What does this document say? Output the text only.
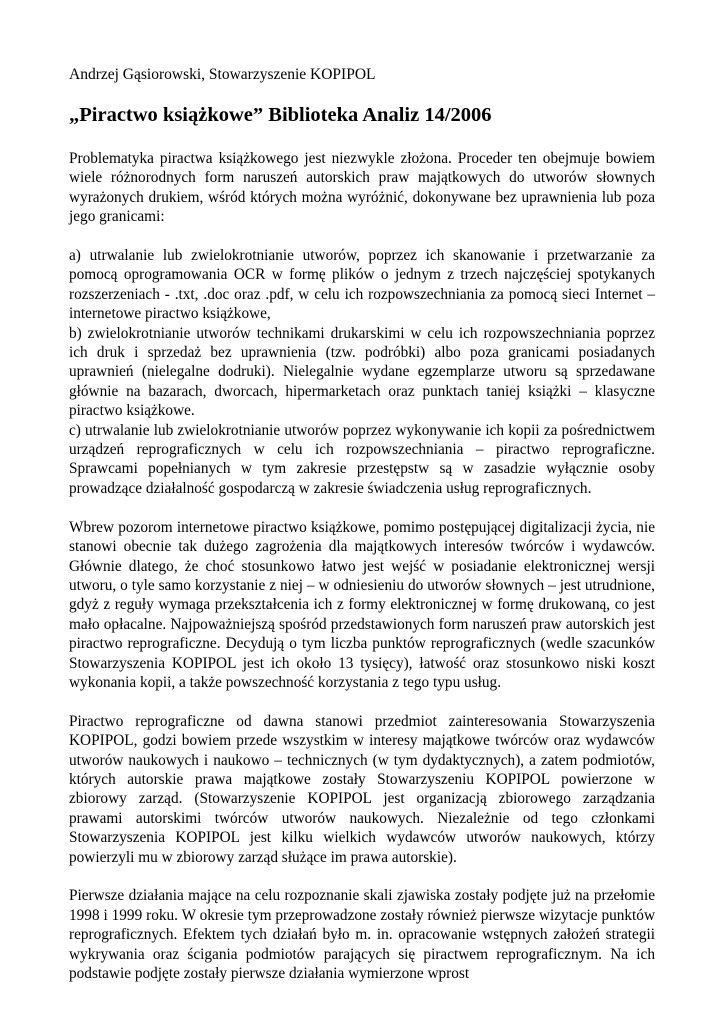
Andrzej Gąsiorowski, Stowarzyszenie KOPIPOL

„Piractwo książkowe” Biblioteka Analiz 14/2006

Problematyka piractwa książkowego jest niezwykle złożona. Proceder ten obejmuje bowiem wiele różnorodnych form naruszeń autorskich praw majątkowych do utworów słownych wyrażonych drukiem, wśród których można wyróżnić, dokonywane bez uprawnienia lub poza jego granicami:

a) utrwalanie lub zwielokrotnianie utworów, poprzez ich skanowanie i przetwarzanie za pomocą oprogramowania OCR w formę plików o jednym z trzech najczęściej spotykanych rozszerzeniach - .txt, .doc oraz .pdf, w celu ich rozpowszechniania za pomocą sieci Internet – internetowe piractwo książkowe,

b) zwielokrotnianie utworów technikami drukarskimi w celu ich rozpowszechniania poprzez ich druk i sprzedaż bez uprawnienia (tzw. podróbki) albo poza granicami posiadanych uprawnień (nielegalne dodruki). Nielegalnie wydane egzemplarze utworu są sprzedawane głównie na bazarach, dworcach, hipermarketach oraz punktach taniej książki – klasyczne piractwo książkowe.

c) utrwalanie lub zwielokrotnianie utworów poprzez wykonywanie ich kopii za pośrednictwem urządzeń reprograficznych w celu ich rozpowszechniania – piractwo reprograficzne. Sprawcami popełnianych w tym zakresie przestępstw są w zasadzie wyłącznie osoby prowadzące działalność gospodarczą w zakresie świadczenia usług reprograficznych.

Wbrew pozorom internetowe piractwo książkowe, pomimo postępującej digitalizacji życia, nie stanowi obecnie tak dużego zagrożenia dla majątkowych interesów twórców i wydawców. Głównie dlatego, że choć stosunkowo łatwo jest wejść w posiadanie elektronicznej wersji utworu, o tyle samo korzystanie z niej – w odniesieniu do utworów słownych – jest utrudnione, gdyż z reguły wymaga przekształcenia ich z formy elektronicznej w formę drukowaną, co jest mało opłacalne. Najpoważniejszą spośród przedstawionych form naruszeń praw autorskich jest piractwo reprograficzne. Decydują o tym liczba punktów reprograficznych (wedle szacunków Stowarzyszenia KOPIPOL jest ich około 13 tysięcy), łatwość oraz stosunkowo niski koszt wykonania kopii, a także powszechność korzystania z tego typu usług.

Piractwo reprograficzne od dawna stanowi przedmiot zainteresowania Stowarzyszenia KOPIPOL, godzi bowiem przede wszystkim w interesy majątkowe twórców oraz wydawców utworów naukowych i naukowo – technicznych (w tym dydaktycznych), a zatem podmiotów, których autorskie prawa majątkowe zostały Stowarzyszeniu KOPIPOL powierzone w zbiorowy zarząd. (Stowarzyszenie KOPIPOL jest organizacją zbiorowego zarządzania prawami autorskimi twórców utworów naukowych. Niezależnie od tego członkami Stowarzyszenia KOPIPOL jest kilku wielkich wydawców utworów naukowych, którzy powierzyli mu w zbiorowy zarząd służące im prawa autorskie).

Pierwsze działania mające na celu rozpoznanie skali zjawiska zostały podjęte już na przełomie 1998 i 1999 roku. W okresie tym przeprowadzone zostały również pierwsze wizytacje punktów reprograficznych. Efektem tych działań było m. in. opracowanie wstępnych założeń strategii wykrywania oraz ścigania podmiotów parających się piractwem reprograficznym. Na ich podstawie podjęte zostały pierwsze działania wymierzone wprost
